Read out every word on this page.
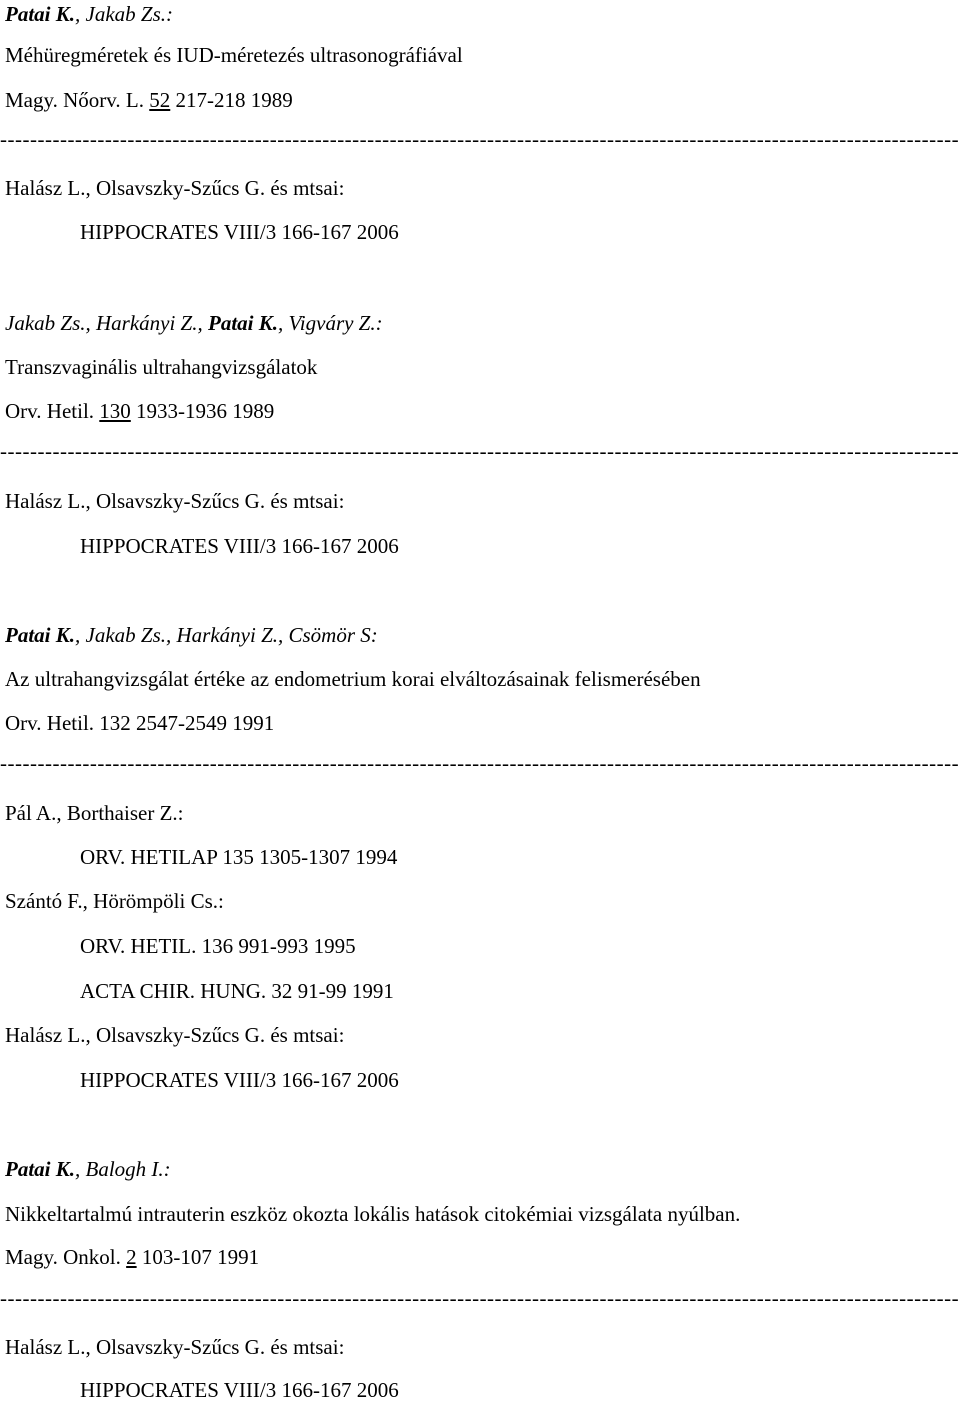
Patai K., Jakab Zs.:
Méhüregméretek és IUD-méretezés ultrasonográfiával
Magy. Nőorv. L. 52 217-218 1989
-----
Halász L., Olsavszky-Szűcs G. és mtsai:
HIPPOCRATES VIII/3 166-167 2006
Jakab Zs., Harkányi Z., Patai K., Vigváry Z.:
Transzvaginális ultrahangvizsgálatok
Orv. Hetil. 130 1933-1936 1989
-----
Halász L., Olsavszky-Szűcs G. és mtsai:
HIPPOCRATES VIII/3 166-167 2006
Patai K., Jakab Zs., Harkányi Z., Csömör S:
Az ultrahangvizsgálat értéke az endometrium korai elváltozásainak felismerésében
Orv. Hetil. 132 2547-2549 1991
-----
Pál A., Borthaiser Z.:
ORV. HETILAP 135 1305-1307 1994
Szántó F., Hörömpöli Cs.:
ORV. HETIL. 136 991-993 1995
ACTA CHIR. HUNG. 32 91-99 1991
Halász L., Olsavszky-Szűcs G. és mtsai:
HIPPOCRATES VIII/3 166-167 2006
Patai K., Balogh I.:
Nikkeltartalmú intrauterin eszköz okozta lokális hatások citokémiai vizsgálata nyúlban.
Magy. Onkol. 2 103-107 1991
-----
Halász L., Olsavszky-Szűcs G. és mtsai:
HIPPOCRATES VIII/3 166-167 2006
